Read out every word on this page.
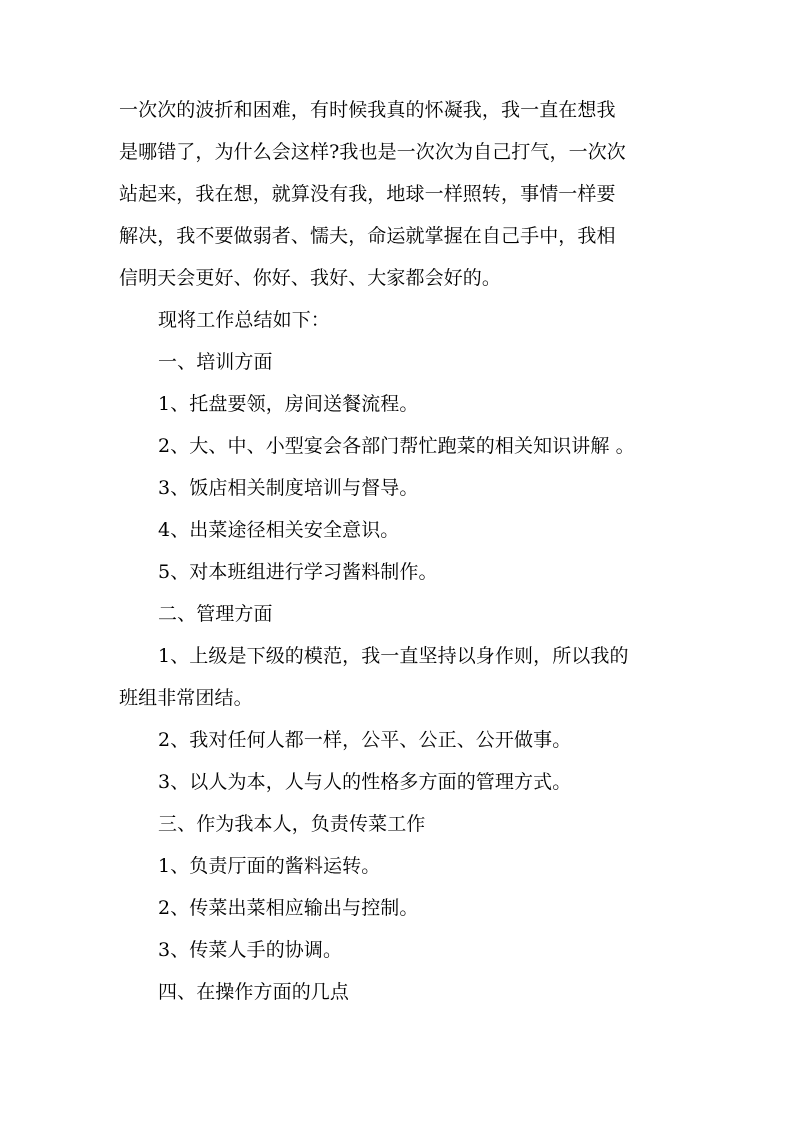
一次次的波折和困难，有时候我真的怀凝我，我一直在想我
是哪错了，为什么会这样?我也是一次次为自己打气，一次次
站起来，我在想，就算没有我，地球一样照转，事情一样要
解决，我不要做弱者、懦夫，命运就掌握在自己手中，我相
信明天会更好、你好、我好、大家都会好的。
现将工作总结如下：
一、培训方面
1、托盘要领，房间送餐流程。
2、大、中、小型宴会各部门帮忙跑菜的相关知识讲解 。
3、饭店相关制度培训与督导。
4、出菜途径相关安全意识。
5、对本班组进行学习酱料制作。
二、管理方面
1、上级是下级的模范，我一直坚持以身作则，所以我的
班组非常团结。
2、我对任何人都一样，公平、公正、公开做事。
3、以人为本，人与人的性格多方面的管理方式。
三、作为我本人，负责传菜工作
1、负责厅面的酱料运转。
2、传菜出菜相应输出与控制。
3、传菜人手的协调。
四、在操作方面的几点
